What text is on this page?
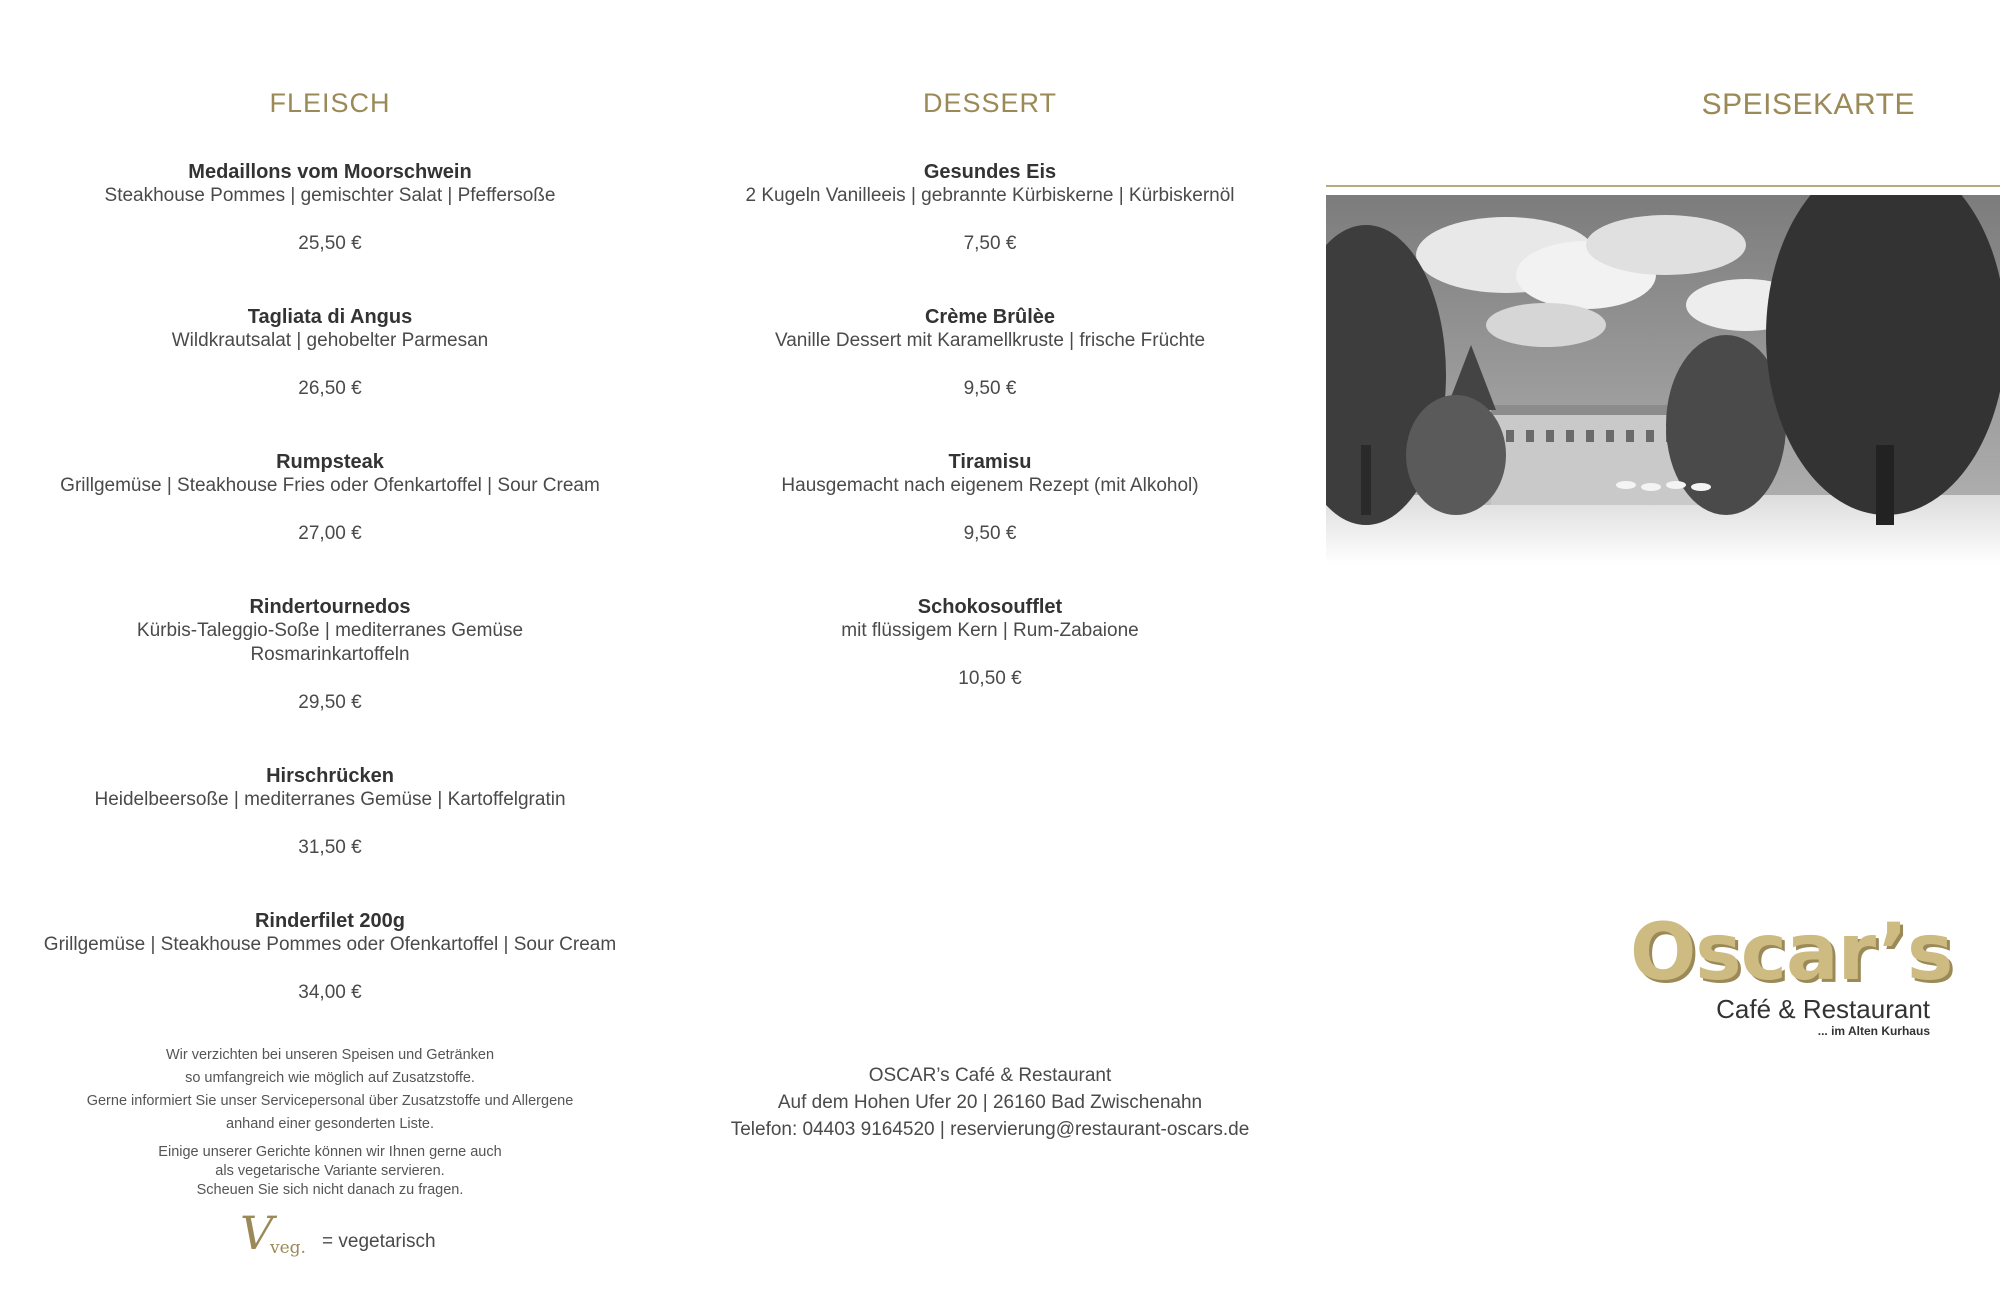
FLEISCH
Medaillons vom Moorschwein
Steakhouse Pommes | gemischter Salat | Pfeffersoße
25,50 €
Tagliata di Angus
Wildkrautsalat | gehobelter Parmesan
26,50 €
Rumpsteak
Grillgemüse | Steakhouse Fries oder Ofenkartoffel | Sour Cream
27,00 €
Rindertournedos
Kürbis-Taleggio-Soße | mediterranes Gemüse
Rosmarinkartoffeln
29,50 €
Hirschrücken
Heidelbeersoße | mediterranes Gemüse | Kartoffelgratin
31,50 €
Rinderfilet 200g
Grillgemüse | Steakhouse Pommes oder Ofenkartoffel | Sour Cream
34,00 €
Wir verzichten bei unseren Speisen und Getränken
so umfangreich wie möglich auf Zusatzstoffe.
Gerne informiert Sie unser Servicepersonal über Zusatzstoffe und Allergene
anhand einer gesonderten Liste.
Einige unserer Gerichte können wir Ihnen gerne auch
als vegetarische Variante servieren.
Scheuen Sie sich nicht danach zu fragen.
V
veg. = vegetarisch
DESSERT
Gesundes Eis
2 Kugeln Vanilleeis | gebrannte Kürbiskerne | Kürbiskernöl
7,50 €
Crème Brûlèe
Vanille Dessert mit Karamellkruste | frische Früchte
9,50 €
Tiramisu
Hausgemacht nach eigenem Rezept (mit Alkohol)
9,50 €
Schokosoufflet
mit flüssigem Kern | Rum-Zabaione
10,50 €
OSCAR’s Café & Restaurant
Auf dem Hohen Ufer 20 | 26160 Bad Zwischenahn
Telefon: 04403 9164520 | reservierung@restaurant-oscars.de
SPEISEKARTE
Oscar’s
Café & Restaurant
... im Alten Kurhaus
